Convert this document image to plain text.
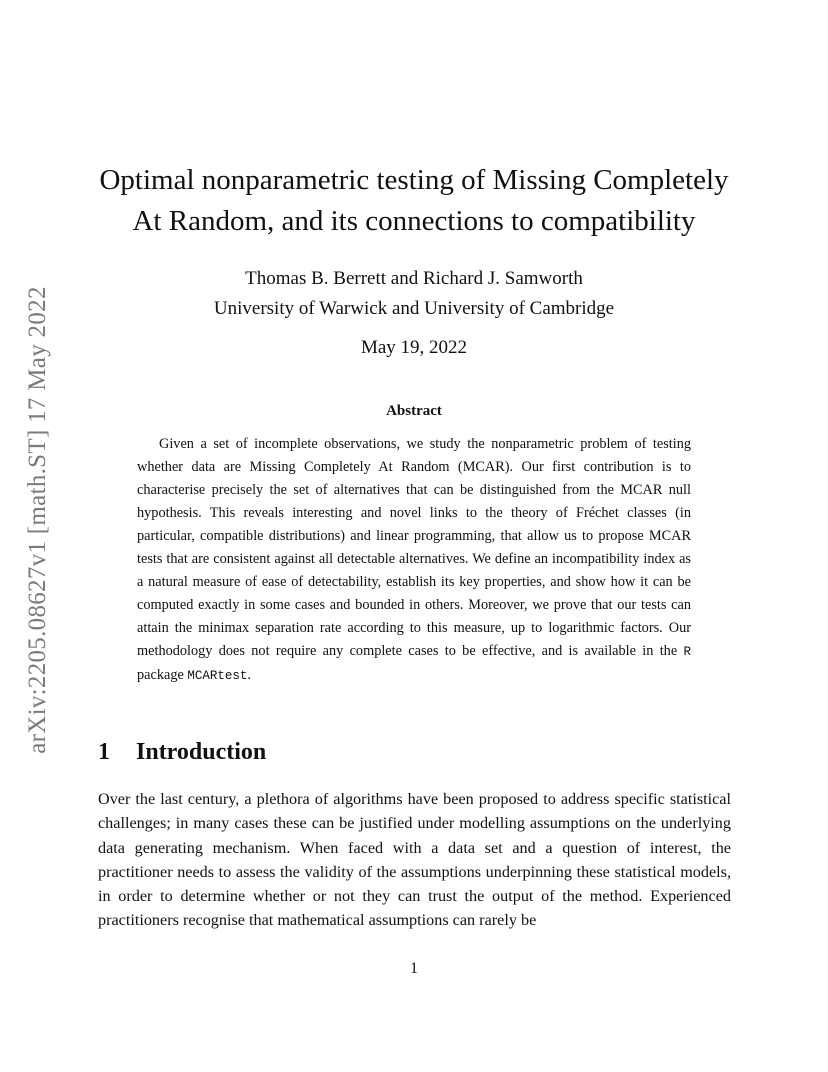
arXiv:2205.08627v1 [math.ST] 17 May 2022
Optimal nonparametric testing of Missing Completely
At Random, and its connections to compatibility
Thomas B. Berrett and Richard J. Samworth
University of Warwick and University of Cambridge
May 19, 2022
Abstract

Given a set of incomplete observations, we study the nonparametric problem of testing whether data are Missing Completely At Random (MCAR). Our first contribution is to characterise precisely the set of alternatives that can be distinguished from the MCAR null hypothesis. This reveals interesting and novel links to the theory of Fréchet classes (in particular, compatible distributions) and linear programming, that allow us to propose MCAR tests that are consistent against all detectable alternatives. We define an incompatibility index as a natural measure of ease of detectability, establish its key properties, and show how it can be computed exactly in some cases and bounded in others. Moreover, we prove that our tests can attain the minimax separation rate according to this measure, up to logarithmic factors. Our methodology does not require any complete cases to be effective, and is available in the R package MCARtest.

1 Introduction

Over the last century, a plethora of algorithms have been proposed to address specific statistical challenges; in many cases these can be justified under modelling assumptions on the underlying data generating mechanism. When faced with a data set and a question of interest, the practitioner needs to assess the validity of the assumptions underpinning these statistical models, in order to determine whether or not they can trust the output of the method. Experienced practitioners recognise that mathematical assumptions can rarely be

1
